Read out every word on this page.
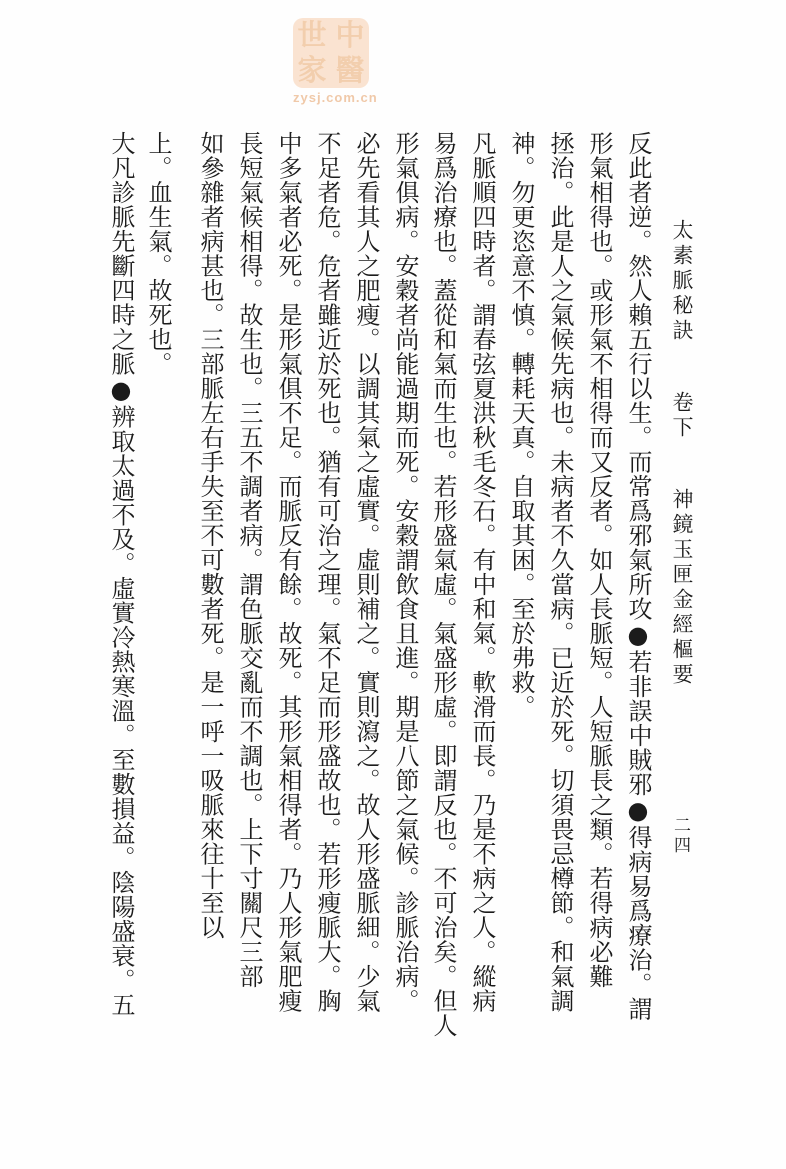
世 中
家 醫
zysj.com.cn
太素脈秘訣 卷下 神鏡玉匣金經樞要
二四
反此者逆。然人賴五行以生。而常爲邪氣所攻●若非誤中賊邪●得病易爲療治。謂
形氣相得也。或形氣不相得而又反者。如人長脈短。人短脈長之類。若得病必難
拯治。此是人之氣候先病也。未病者不久當病。已近於死。切須畏忌樽節。和氣調
神。勿更恣意不慎。轉耗天真。自取其困。至於弗救。
凡脈順四時者。謂春弦夏洪秋毛冬石。有中和氣。軟滑而長。乃是不病之人。縱病
易爲治療也。蓋從和氣而生也。若形盛氣虛。氣盛形虛。即謂反也。不可治矣。但人
形氣俱病。安穀者尚能過期而死。安穀謂飲食且進。期是八節之氣候。診脈治病。
必先看其人之肥瘦。以調其氣之虛實。虛則補之。實則瀉之。故人形盛脈細。少氣
不足者危。危者雖近於死也。猶有可治之理。氣不足而形盛故也。若形瘦脈大。胸
中多氣者必死。是形氣俱不足。而脈反有餘。故死。其形氣相得者。乃人形氣肥瘦
長短氣候相得。故生也。三五不調者病。謂色脈交亂而不調也。上下寸關尺三部
如參雜者病甚也。三部脈左右手失至不可數者死。是一呼一吸脈來往十至以
上。血生氣。故死也。
大凡診脈先斷四時之脈●辨取太過不及。虛實冷熱寒溫。至數損益。陰陽盛衰。五
